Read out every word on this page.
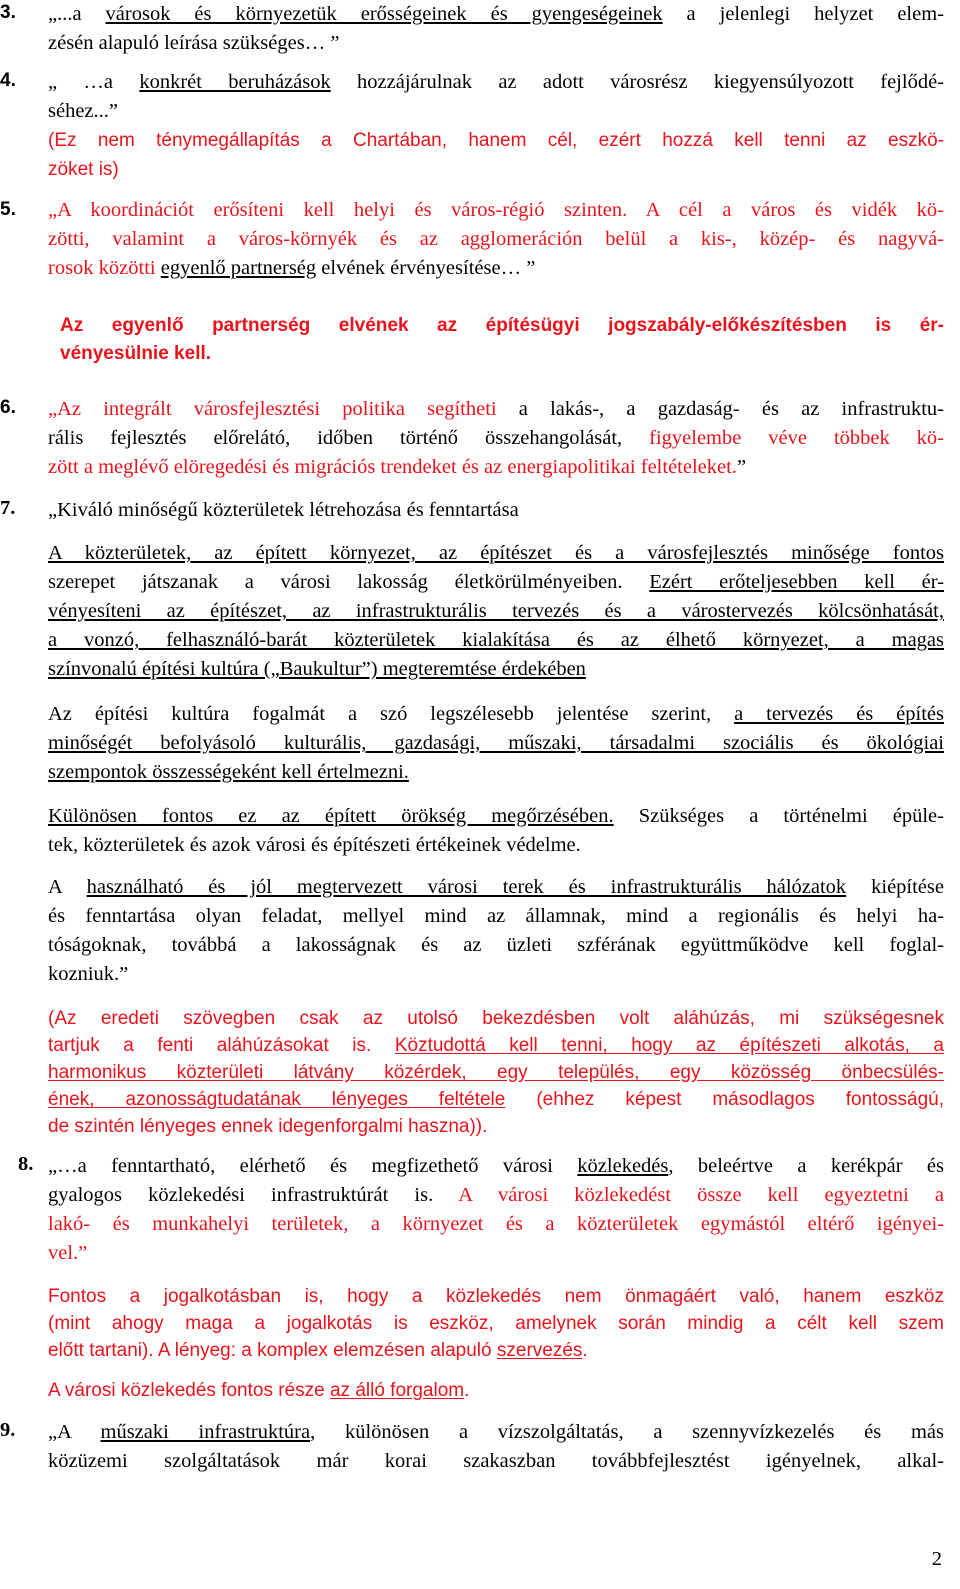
3. „...a városok és környezetük erősségeinek és gyengeségeinek a jelenlegi helyzet elem-
zésén alapuló leírása szükséges… ”
4. „ …a konkrét beruházások hozzájárulnak az adott városrész kiegyensúlyozott fejlődé-
séhez...”
(Ez nem ténymegállapítás a Chartában, hanem cél, ezért hozzá kell tenni az eszkö-
zöket is)
5. „A koordinációt erősíteni kell helyi és város-régió szinten. A cél a város és vidék kö-
zötti, valamint a város-környék és az agglomeráción belül a kis-, közép- és nagyvá-
rosok közötti egyenlő partnerség elvének érvényesítése… ”
Az egyenlő partnerség elvének az építésügyi jogszabály-előkészítésben is ér-
vényesülnie kell.
6. „Az integrált városfejlesztési politika segítheti a lakás-, a gazdaság- és az infrastruktu-
rális fejlesztés előrelátó, időben történő összehangolását, figyelembe véve többek kö-
zött a meglévő elöregedési és migrációs trendeket és az energiapolitikai feltételeket.”
7. „Kiváló minőségű közterületek létrehozása és fenntartása
A közterületek, az épített környezet, az építészet és a városfejlesztés minősége fontos
szerepet játszanak a városi lakosság életkörülményeiben. Ezért erőteljesebben kell ér-
vényesíteni az építészet, az infrastrukturális tervezés és a várostervezés kölcsönhatását,
a vonzó, felhasználó-barát közterületek kialakítása és az élhető környezet, a magas
színvonalú építési kultúra („Baukultur”) megteremtése érdekében
Az építési kultúra fogalmát a szó legszélesebb jelentése szerint, a tervezés és építés
minőségét befolyásoló kulturális, gazdasági, műszaki, társadalmi szociális és ökológiai
szempontok összességeként kell értelmezni.
Különösen fontos ez az épített örökség megőrzésében. Szükséges a történelmi épüle-
tek, közterületek és azok városi és építészeti értékeinek védelme.
A használható és jól megtervezett városi terek és infrastrukturális hálózatok kiépítése
és fenntartása olyan feladat, mellyel mind az államnak, mind a regionális és helyi ha-
tóságoknak, továbbá a lakosságnak és az üzleti szférának együttműködve kell foglal-
kozniuk.”
(Az eredeti szövegben csak az utolsó bekezdésben volt aláhúzás, mi szükségesnek
tartjuk a fenti aláhúzásokat is. Köztudottá kell tenni, hogy az építészeti alkotás, a
harmonikus közterületi látvány közérdek, egy település, egy közösség önbecsülés-
ének, azonosságtudatának lényeges feltétele (ehhez képest másodlagos fontosságú,
de szintén lényeges ennek idegenforgalmi haszna)).
8. „…a fenntartható, elérhető és megfizethető városi közlekedés, beleértve a kerékpár és
gyalogos közlekedési infrastruktúrát is. A városi közlekedést össze kell egyeztetni a
lakó- és munkahelyi területek, a környezet és a közterületek egymástól eltérő igényei-
vel.”
Fontos a jogalkotásban is, hogy a közlekedés nem önmagáért való, hanem eszköz
(mint ahogy maga a jogalkotás is eszköz, amelynek során mindig a célt kell szem
előtt tartani). A lényeg: a komplex elemzésen alapuló szervezés.
A városi közlekedés fontos része az álló forgalom.
9. „A műszaki infrastruktúra, különösen a vízszolgáltatás, a szennyvízkezelés és más
közüzemi szolgáltatások már korai szakaszban továbbfejlesztést igényelnek, alkal-
2
